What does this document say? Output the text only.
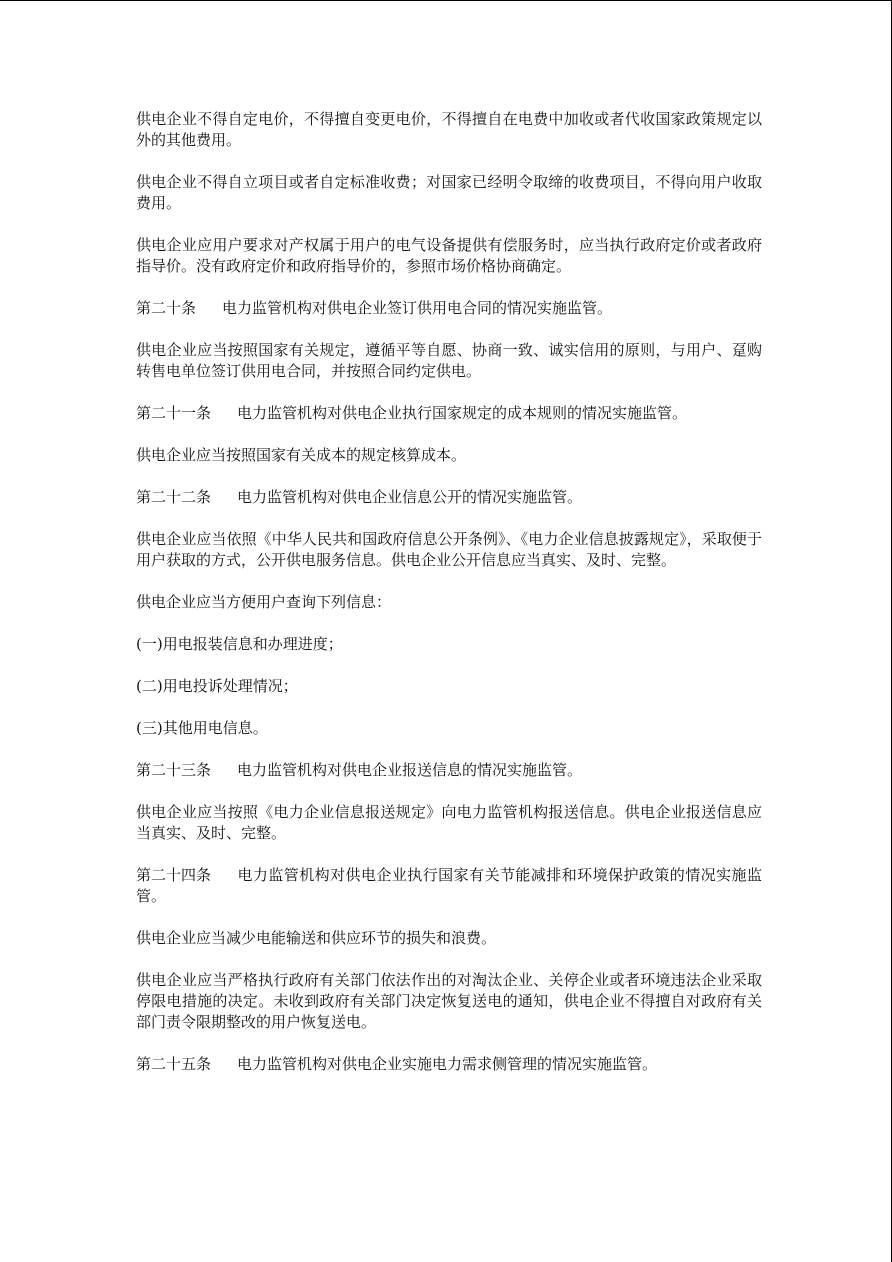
供电企业不得自定电价，不得擅自变更电价，不得擅自在电费中加收或者代收国家政策规定以外的其他费用。

供电企业不得自立项目或者自定标准收费；对国家已经明令取缔的收费项目，不得向用户收取费用。

供电企业应用户要求对产权属于用户的电气设备提供有偿服务时，应当执行政府定价或者政府指导价。没有政府定价和政府指导价的，参照市场价格协商确定。

第二十条 电力监管机构对供电企业签订供用电合同的情况实施监管。

供电企业应当按照国家有关规定，遵循平等自愿、协商一致、诚实信用的原则，与用户、趸购转售电单位签订供用电合同，并按照合同约定供电。

第二十一条 电力监管机构对供电企业执行国家规定的成本规则的情况实施监管。

供电企业应当按照国家有关成本的规定核算成本。

第二十二条 电力监管机构对供电企业信息公开的情况实施监管。

供电企业应当依照《中华人民共和国政府信息公开条例》、《电力企业信息披露规定》，采取便于用户获取的方式，公开供电服务信息。供电企业公开信息应当真实、及时、完整。

供电企业应当方便用户查询下列信息：

(一)用电报装信息和办理进度；

(二)用电投诉处理情况；

(三)其他用电信息。

第二十三条 电力监管机构对供电企业报送信息的情况实施监管。

供电企业应当按照《电力企业信息报送规定》向电力监管机构报送信息。供电企业报送信息应当真实、及时、完整。

第二十四条 电力监管机构对供电企业执行国家有关节能减排和环境保护政策的情况实施监管。

供电企业应当减少电能输送和供应环节的损失和浪费。

供电企业应当严格执行政府有关部门依法作出的对淘汰企业、关停企业或者环境违法企业采取停限电措施的决定。未收到政府有关部门决定恢复送电的通知，供电企业不得擅自对政府有关部门责令限期整改的用户恢复送电。

第二十五条 电力监管机构对供电企业实施电力需求侧管理的情况实施监管。
